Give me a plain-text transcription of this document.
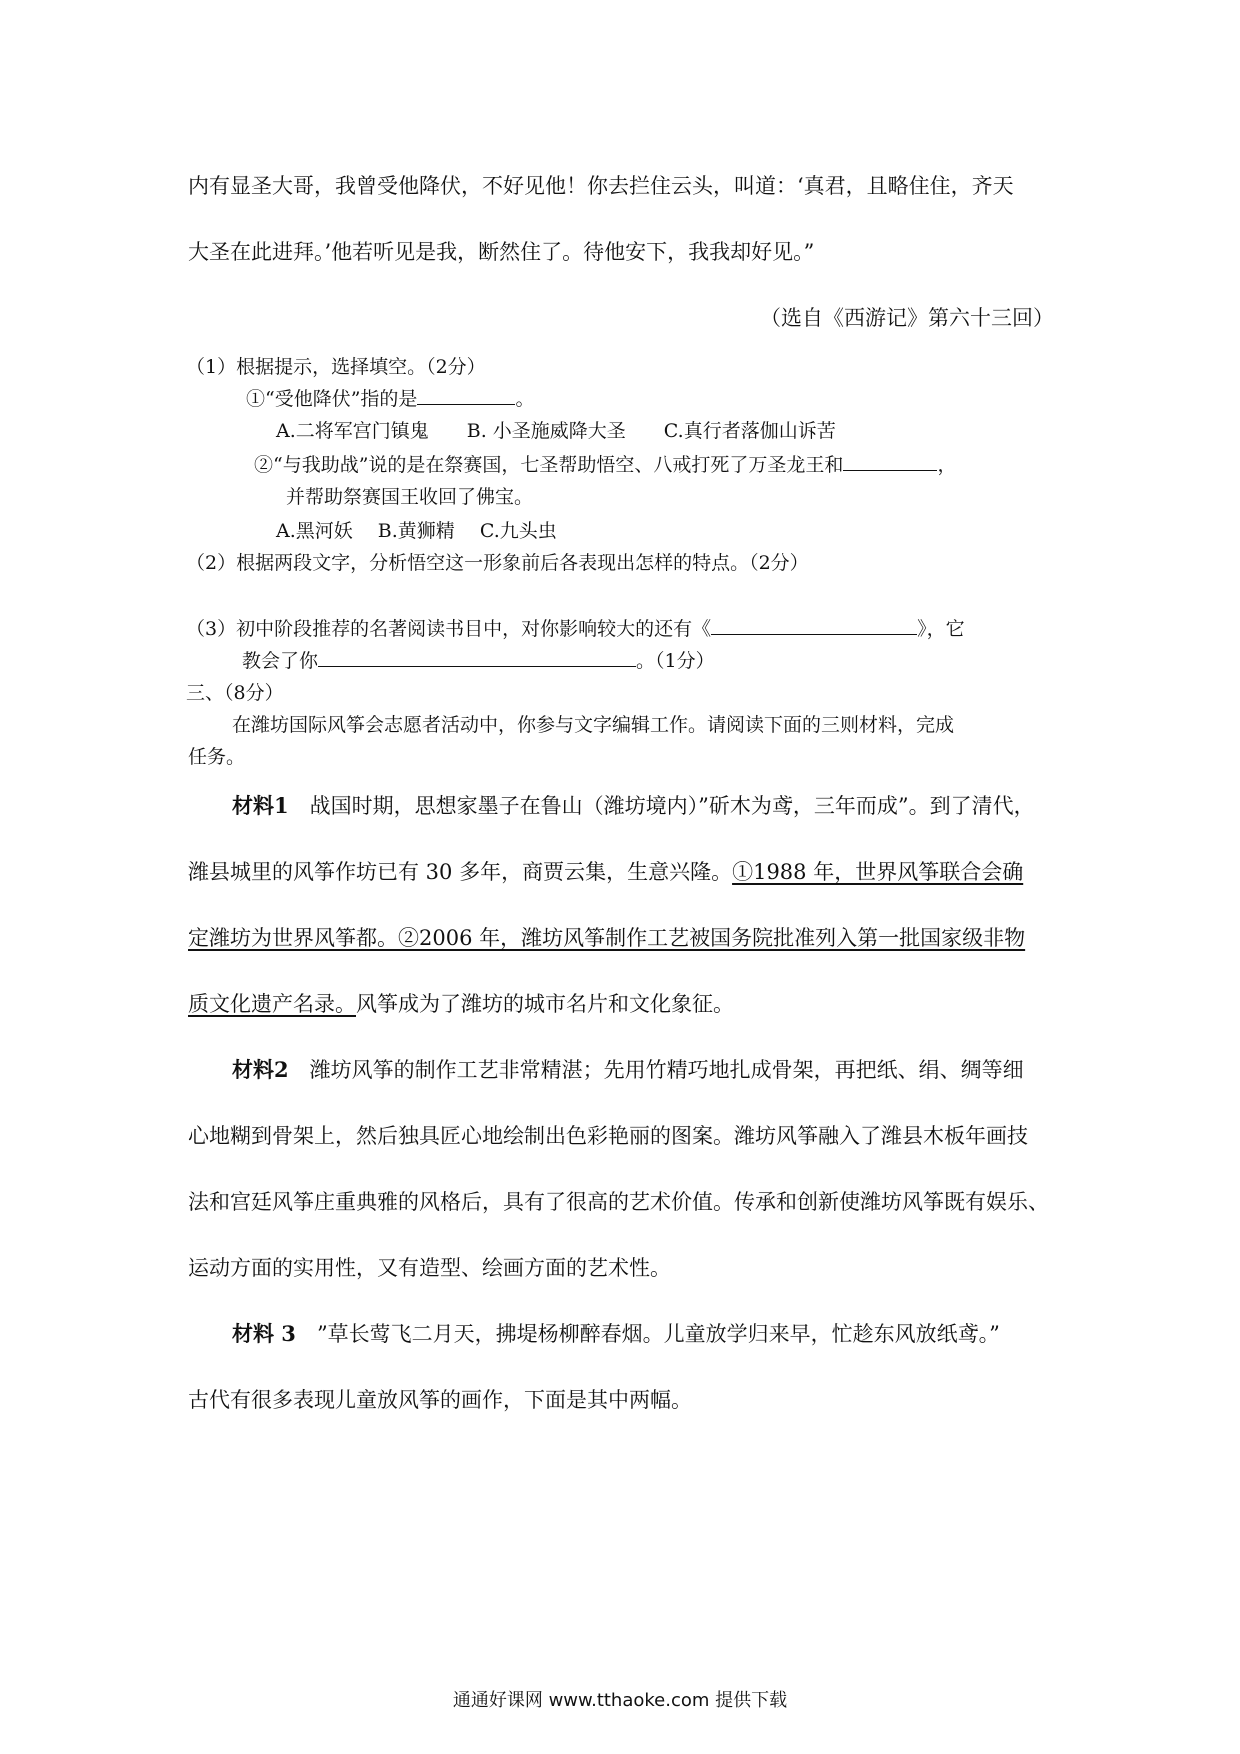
内有显圣大哥，我曾受他降伏，不好见他！你去拦住云头，叫道：‘真君，且略住住，齐天
大圣在此进拜。’他若听见是我，断然住了。待他安下，我我却好见。”
（选自《西游记》第六十三回）
（1）根据提示，选择填空。（2分）
①“受他降伏”指的是	。
A.二将军宫门镇鬼　　B. 小圣施威降大圣　　C.真行者落伽山诉苦
②“与我助战”说的是在祭赛国，七圣帮助悟空、八戒打死了万圣龙王和	，
并帮助祭赛国王收回了佛宝。
A.黑河妖　 B.黄狮精　 C.九头虫
（2）根据两段文字，分析悟空这一形象前后各表现出怎样的特点。（2分）
（3）初中阶段推荐的名著阅读书目中，对你影响较大的还有《	》，它
教会了你	。（1分）
三、（8分）
在潍坊国际风筝会志愿者活动中，你参与文字编辑工作。请阅读下面的三则材料，完成
任务。
材料1  战国时期，思想家墨子在鲁山（潍坊境内）”斫木为鸢，三年而成”。到了清代，
潍县城里的风筝作坊已有 30 多年，商贾云集，生意兴隆。①1988 年，世界风筝联合会确
定潍坊为世界风筝都。②2006 年，潍坊风筝制作工艺被国务院批准列入第一批国家级非物
质文化遗产名录。风筝成为了潍坊的城市名片和文化象征。
材料2  潍坊风筝的制作工艺非常精湛；先用竹精巧地扎成骨架，再把纸、绢、绸等细
心地糊到骨架上，然后独具匠心地绘制出色彩艳丽的图案。潍坊风筝融入了潍县木板年画技
法和宫廷风筝庄重典雅的风格后，具有了很高的艺术价值。传承和创新使潍坊风筝既有娱乐、
运动方面的实用性，又有造型、绘画方面的艺术性。
材料 3  ”草长莺飞二月天，拂堤杨柳醉春烟。儿童放学归来早，忙趁东风放纸鸢。”
古代有很多表现儿童放风筝的画作，下面是其中两幅。
通通好课网 www.tthaoke.com 提供下载
